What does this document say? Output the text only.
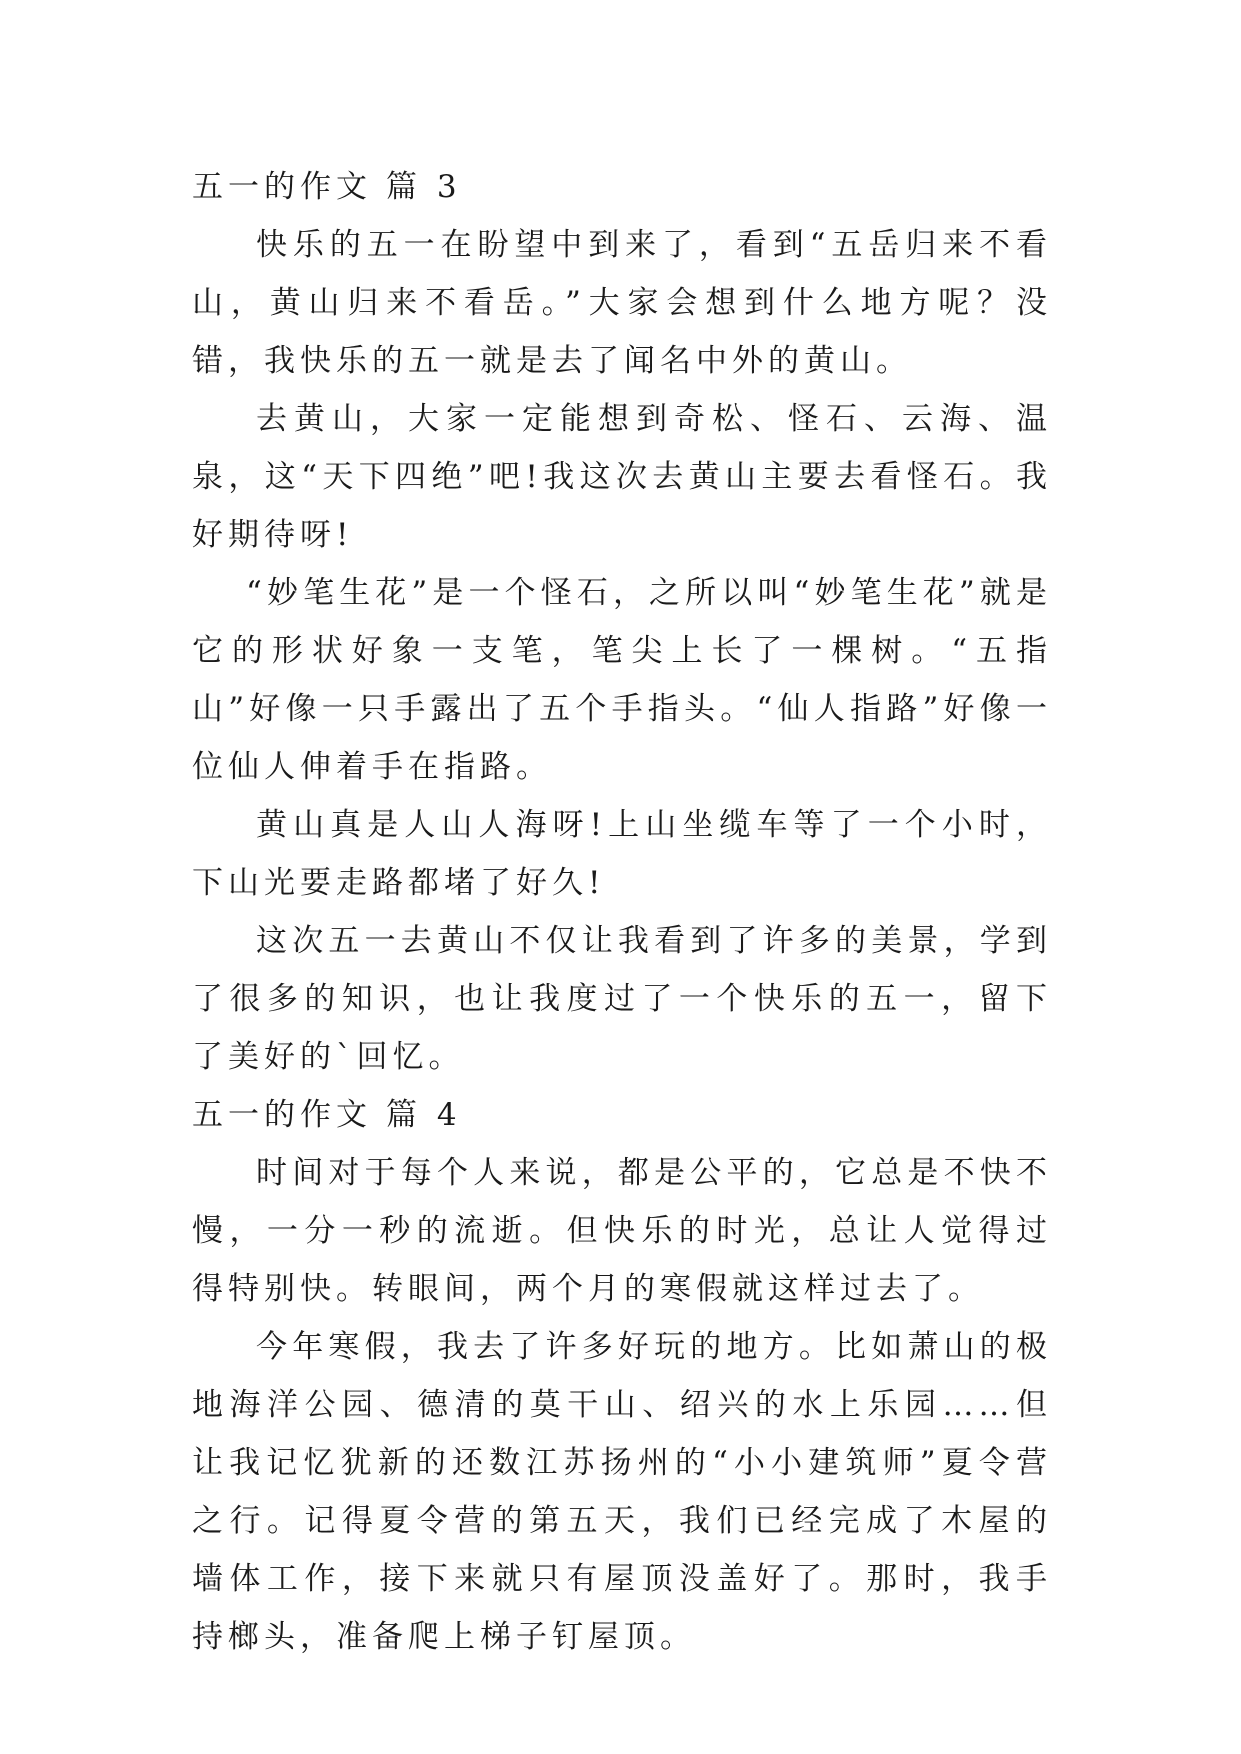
五一的作文 篇 3

快乐的五一在盼望中到来了，看到“五岳归来不看山，黄山归来不看岳。”大家会想到什么地方呢？没错，我快乐的五一就是去了闻名中外的黄山。

去黄山，大家一定能想到奇松、怪石、云海、温泉，这“天下四绝”吧!我这次去黄山主要去看怪石。我好期待呀!

“妙笔生花”是一个怪石，之所以叫“妙笔生花”就是它的形状好象一支笔，笔尖上长了一棵树。“五指山”好像一只手露出了五个手指头。“仙人指路”好像一位仙人伸着手在指路。

黄山真是人山人海呀!上山坐缆车等了一个小时，下山光要走路都堵了好久!

这次五一去黄山不仅让我看到了许多的美景，学到了很多的知识，也让我度过了一个快乐的五一，留下了美好的`回忆。

五一的作文 篇 4

时间对于每个人来说，都是公平的，它总是不快不慢，一分一秒的流逝。但快乐的时光，总让人觉得过得特别快。转眼间，两个月的寒假就这样过去了。

今年寒假，我去了许多好玩的地方。比如萧山的极地海洋公园、德清的莫干山、绍兴的水上乐园……但让我记忆犹新的还数江苏扬州的“小小建筑师”夏令营之行。记得夏令营的第五天，我们已经完成了木屋的墙体工作，接下来就只有屋顶没盖好了。那时，我手持榔头，准备爬上梯子钉屋顶。
